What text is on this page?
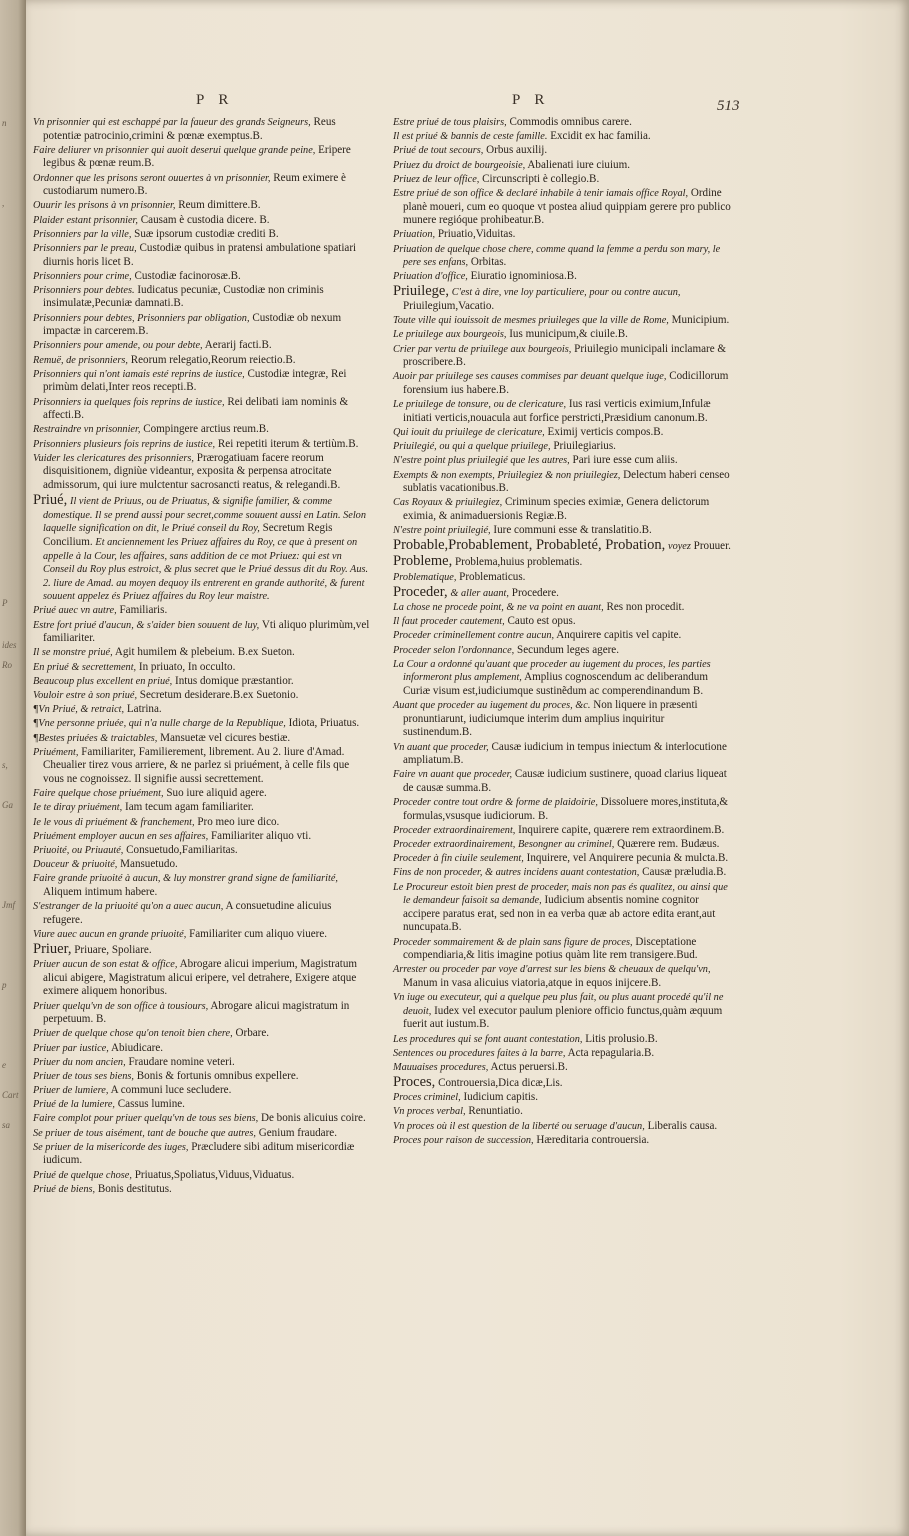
n
,
P
ides
Ro
s,
Ga
Jmf
p
e
Cart
sa
PR	PR	513

Vn prisonnier qui est eschappé par la faueur des grands Seigneurs, Reus potentiæ patrocinio,crimini & pœnæ exemptus.B.

Faire deliurer vn prisonnier qui auoit deserui quelque grande peine, Eripere legibus & pœnæ reum.B.

Ordonner que les prisons seront ouuertes à vn prisonnier, Reum eximere è custodiarum numero.B.

Ouurir les prisons à vn prisonnier, Reum dimittere.B.

Plaider estant prisonnier, Causam è custodia dicere. B.

Prisonniers par la ville, Suæ ipsorum custodiæ crediti B.

Prisonniers par le preau, Custodiæ quibus in pratensi ambulatione spatiari diurnis horis licet B.

Prisonniers pour crime, Custodiæ facinorosæ.B.

Prisonniers pour debtes. Iudicatus pecuniæ, Custodiæ non criminis insimulatæ,Pecuniæ damnati.B.

Prisonniers pour debtes, Prisonniers par obligation, Custodiæ ob nexum impactæ in carcerem.B.

Prisonniers pour amende, ou pour debte, Aerarij facti.B.

Remuë, de prisonniers, Reorum relegatio,Reorum reiectio.B.

Prisonniers qui n'ont iamais esté reprins de iustice, Custodiæ integræ, Rei primùm delati,Inter reos recepti.B.

Prisonniers ia quelques fois reprins de iustice, Rei delibati iam nominis & affecti.B.

Restraindre vn prisonnier, Compingere arctius reum.B.

Prisonniers plusieurs fois reprins de iustice, Rei repetiti iterum & tertiùm.B.

Vuider les clericatures des prisonniers, Prærogatiuam facere reorum disquisitionem, digniùe videantur, exposita & perpensa atrocitate admissorum, qui iure mulctentur sacrosancti reatus, & relegandi.B.

Priué, Il vient de Priuus, ou de Priuatus, & signifie familier, & comme domestique. Il se prend aussi pour secret,comme souuent aussi en Latin. Selon laquelle signification on dit, le Priué conseil du Roy, Secretum Regis Concilium. Et anciennement les Priuez affaires du Roy, ce que à present on appelle à la Cour, les affaires, sans addition de ce mot Priuez: qui est vn Conseil du Roy plus estroict, & plus secret que le Priué dessus dit du Roy. Aus. 2. liure de Amad. au moyen dequoy ils entrerent en grande authorité, & furent souuent appelez és Priuez affaires du Roy leur maistre.

Priué auec vn autre, Familiaris.

Estre fort priué d'aucun, & s'aider bien souuent de luy, Vti aliquo plurimùm,vel familiariter.

Il se monstre priué, Agit humilem & plebeium. B.ex Sueton.

En priué & secrettement, In priuato, In occulto.

Beaucoup plus excellent en priué, Intus domique præstantior.

Vouloir estre à son priué, Secretum desiderare.B.ex Suetonio.

¶Vn Priué, & retraict, Latrina.

¶Vne personne priuée, qui n'a nulle charge de la Republique, Idiota, Priuatus.

¶Bestes priuées & traictables, Mansuetæ vel cicures bestiæ.

Priuément, Familiariter, Familierement, librement. Au 2. liure d'Amad. Cheualier tirez vous arriere, & ne parlez si priuément, à celle fils que vous ne cognoissez. Il signifie aussi secrettement.

Faire quelque chose priuément, Suo iure aliquid agere.

Ie te diray priuément, Iam tecum agam familiariter.

Ie le vous di priuément & franchement, Pro meo iure dico.

Priuément employer aucun en ses affaires, Familiariter aliquo vti.

Priuoité, ou Priuauté, Consuetudo,Familiaritas.

Douceur & priuoité, Mansuetudo.

Faire grande priuoité à aucun, & luy monstrer grand signe de familiarité, Aliquem intimum habere.

S'estranger de la priuoité qu'on a auec aucun, A consuetudine alicuius refugere.

Viure auec aucun en grande priuoité, Familiariter cum aliquo viuere.

Priuer, Priuare, Spoliare.

Priuer aucun de son estat & office, Abrogare alicui imperium, Magistratum alicui abigere, Magistratum alicui eripere, vel detrahere, Exigere atque eximere aliquem honoribus.

Priuer quelqu'vn de son office à tousiours, Abrogare alicui magistratum in perpetuum. B.

Priuer de quelque chose qu'on tenoit bien chere, Orbare.

Priuer par iustice, Abiudicare.

Priuer du nom ancien, Fraudare nomine veteri.

Priuer de tous ses biens, Bonis & fortunis omnibus expellere.

Priuer de lumiere, A communi luce secludere.

Priué de la lumiere, Cassus lumine.

Faire complot pour priuer quelqu'vn de tous ses biens, De bonis alicuius coire.

Se priuer de tous aisément, tant de bouche que autres, Genium fraudare.

Se priuer de la misericorde des iuges, Præcludere sibi aditum misericordiæ iudicum.

Priué de quelque chose, Priuatus,Spoliatus,Viduus,Viduatus.

Priué de biens, Bonis destitutus.

Estre priué de tous plaisirs, Commodis omnibus carere.

Il est priué & bannis de ceste famille. Excidit ex hac familia.

Priué de tout secours, Orbus auxilij.

Priuez du droict de bourgeoisie, Abalienati iure ciuium.

Priuez de leur office, Circunscripti è collegio.B.

Estre priué de son office & declaré inhabile à tenir iamais office Royal, Ordine planè moueri, cum eo quoque vt postea aliud quippiam gerere pro publico munere regióque prohibeatur.B.

Priuation, Priuatio,Viduitas.

Priuation de quelque chose chere, comme quand la femme a perdu son mary, le pere ses enfans, Orbitas.

Priuation d'office, Eiuratio ignominiosa.B.

Priuilege, C'est à dire, vne loy particuliere, pour ou contre aucun, Priuilegium,Vacatio.

Toute ville qui iouissoit de mesmes priuileges que la ville de Rome, Municipium.

Le priuilege aux bourgeois, Ius municipum,& ciuile.B.

Crier par vertu de priuilege aux bourgeois, Priuilegio municipali inclamare & proscribere.B.

Auoir par priuilege ses causes commises par deuant quelque iuge, Codicillorum forensium ius habere.B.

Le priuilege de tonsure, ou de clericature, Ius rasi verticis eximium,Infulæ initiati verticis,nouacula aut forfice perstricti,Præsidium canonum.B.

Qui iouit du priuilege de clericature, Eximij verticis compos.B.

Priuilegié, ou qui a quelque priuilege, Priuilegiarius.

N'estre point plus priuilegié que les autres, Pari iure esse cum aliis.

Exempts & non exempts, Priuilegiez & non priuilegiez, Delectum haberi censeo sublatis vacationibus.B.

Cas Royaux & priuilegiez, Criminum species eximiæ, Genera delictorum eximia, & animaduersionis Regiæ.B.

N'estre point priuilegié, Iure communi esse & translatitio.B.

Probable,Probablement, Probableté, Probation, voyez Prouuer.

Probleme, Problema,huius problematis.

Problematique, Problematicus.

Proceder, & aller auant, Procedere.

La chose ne procede point, & ne va point en auant, Res non procedit.

Il faut proceder cautement, Cauto est opus.

Proceder criminellement contre aucun, Anquirere capitis vel capite.

Proceder selon l'ordonnance, Secundum leges agere.

La Cour a ordonné qu'auant que proceder au iugement du proces, les parties informeront plus amplement, Amplius cognoscendum ac deliberandum Curiæ visum est,iudiciumque sustinẽdum ac comperendinandum B.

Auant que proceder au iugement du proces, &c. Non liquere in præsenti pronuntiarunt, iudiciumque interim dum amplius inquiritur sustinendum.B.

Vn auant que proceder, Causæ iudicium in tempus iniectum & interlocutione ampliatum.B.

Faire vn auant que proceder, Causæ iudicium sustinere, quoad clarius liqueat de causæ summa.B.

Proceder contre tout ordre & forme de plaidoirie, Dissoluere mores,instituta,& formulas,vsusque iudiciorum. B.

Proceder extraordinairement, Inquirere capite, quærere rem extraordinem.B.

Proceder extraordinairement, Besongner au criminel, Quærere rem. Budæus.

Proceder à fin ciuile seulement, Inquirere, vel Anquirere pecunia & mulcta.B.

Fins de non proceder, & autres incidens auant contestation, Causæ præludia.B.

Le Procureur estoit bien prest de proceder, mais non pas és qualitez, ou ainsi que le demandeur faisoit sa demande, Iudicium absentis nomine cognitor accipere paratus erat, sed non in ea verba quæ ab actore edita erant,aut nuncupata.B.

Proceder sommairement & de plain sans figure de proces, Disceptatione compendiaria,& litis imagine potius quàm lite rem transigere.Bud.

Arrester ou proceder par voye d'arrest sur les biens & cheuaux de quelqu'vn, Manum in vasa alicuius viatoria,atque in equos inijcere.B.

Vn iuge ou executeur, qui a quelque peu plus fait, ou plus auant procedé qu'il ne deuoit, Iudex vel executor paulum pleniore officio functus,quàm æquum fuerit aut iustum.B.

Les procedures qui se font auant contestation, Litis prolusio.B.

Sentences ou procedures faites à la barre, Acta repagularia.B.

Mauuaises procedures, Actus peruersi.B.

Proces, Controuersia,Dica dicæ,Lis.

Proces criminel, Iudicium capitis.

Vn proces verbal, Renuntiatio.

Vn proces où il est question de la liberté ou seruage d'aucun, Liberalis causa.

Proces pour raison de succession, Hæreditaria controuersia.
